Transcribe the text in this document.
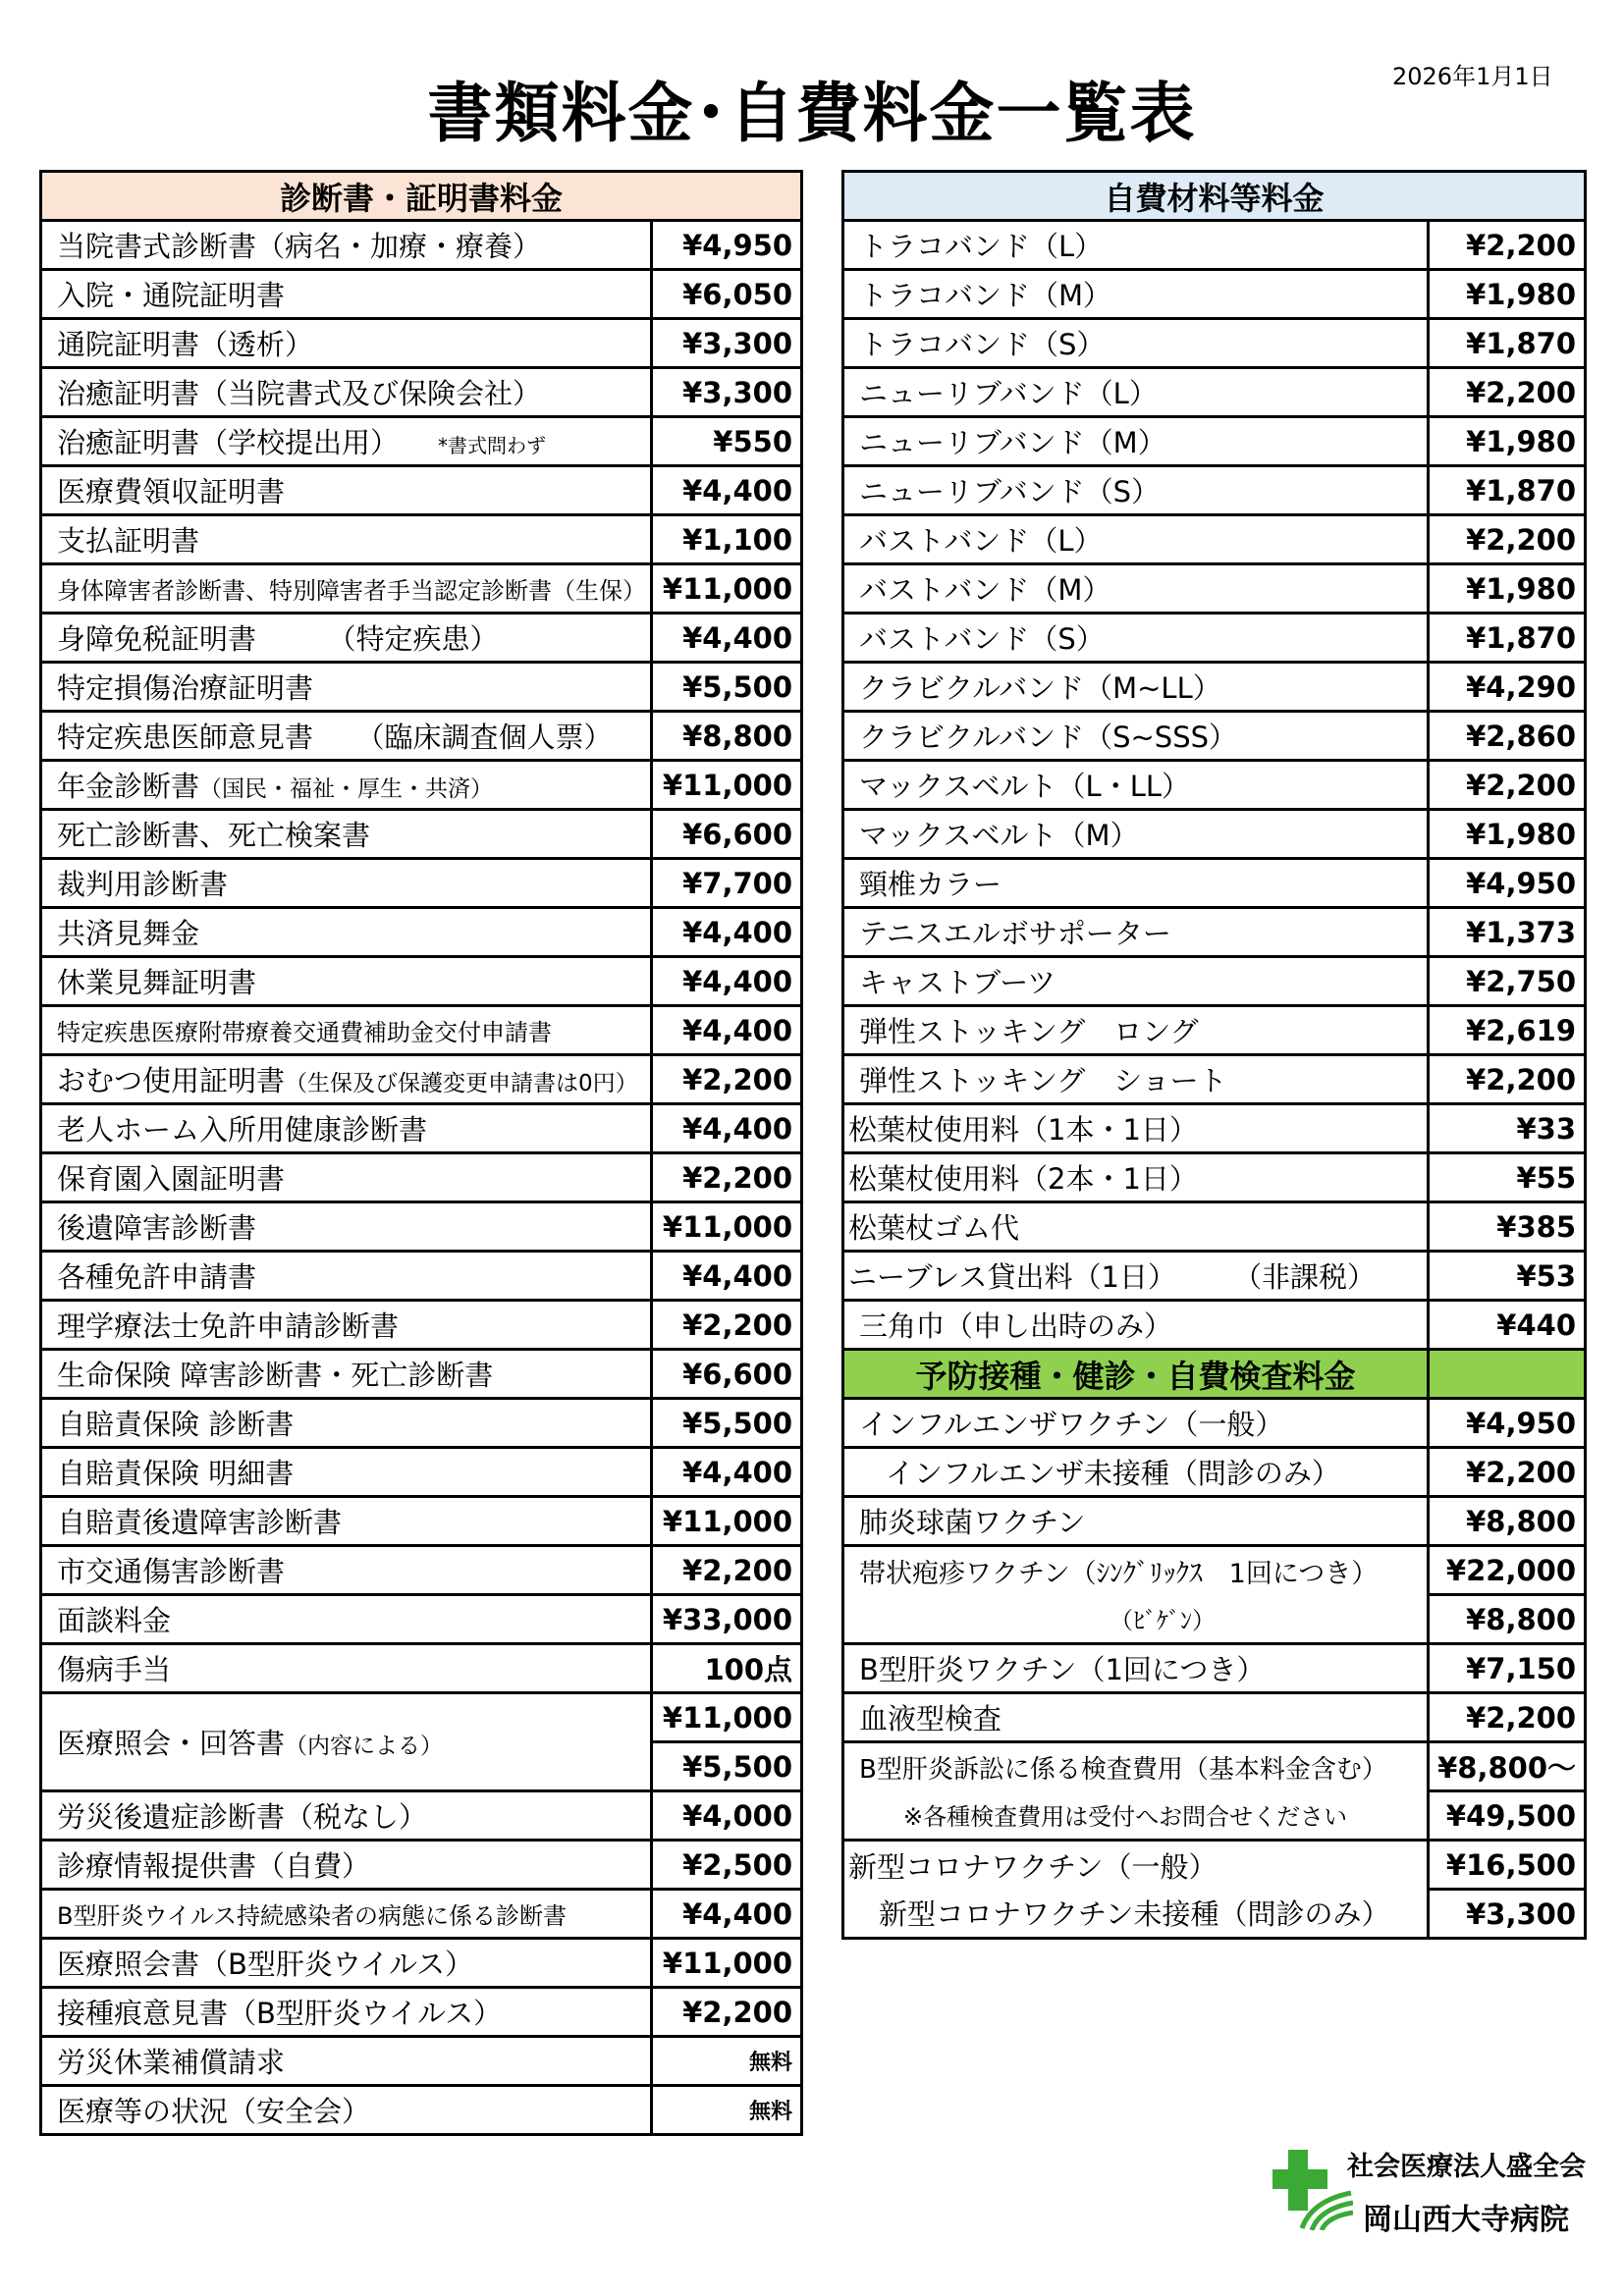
2026年1月1日
書類料金･自費料金一覧表
診断書・証明書料金	
当院書式診断書（病名・加療・療養）	¥4,950
入院・通院証明書	¥6,050
通院証明書（透析）	¥3,300
治癒証明書（当院書式及び保険会社）	¥3,300
治癒証明書（学校提出用） *書式問わず	¥550
医療費領収証明書	¥4,400
支払証明書	¥1,100
身体障害者診断書、特別障害者手当認定診断書（生保）	¥11,000
身障免税証明書　　　（特定疾患）	¥4,400
特定損傷治療証明書	¥5,500
特定疾患医師意見書　　（臨床調査個人票）	¥8,800
年金診断書（国民・福祉・厚生・共済）	¥11,000
死亡診断書、死亡検案書	¥6,600
裁判用診断書	¥7,700
共済見舞金	¥4,400
休業見舞証明書	¥4,400
特定疾患医療附帯療養交通費補助金交付申請書	¥4,400
おむつ使用証明書（生保及び保護変更申請書は0円）	¥2,200
老人ホーム入所用健康診断書	¥4,400
保育園入園証明書	¥2,200
後遺障害診断書	¥11,000
各種免許申請書	¥4,400
理学療法士免許申請診断書	¥2,200
生命保険 障害診断書・死亡診断書	¥6,600
自賠責保険 診断書	¥5,500
自賠責保険 明細書	¥4,400
自賠責後遺障害診断書	¥11,000
市交通傷害診断書	¥2,200
面談料金	¥33,000
傷病手当	100点
医療照会・回答書（内容による）	¥11,000
	¥5,500
労災後遺症診断書（税なし）	¥4,000
診療情報提供書（自費）	¥2,500
B型肝炎ウイルス持続感染者の病態に係る診断書	¥4,400
医療照会書（B型肝炎ウイルス）	¥11,000
接種痕意見書（B型肝炎ウイルス）	¥2,200
労災休業補償請求	無料
医療等の状況（安全会）	無料
自費材料等料金	
トラコバンド（L）	¥2,200
トラコバンド（M）	¥1,980
トラコバンド（S）	¥1,870
ニューリブバンド（L）	¥2,200
ニューリブバンド（M）	¥1,980
ニューリブバンド（S）	¥1,870
バストバンド（L）	¥2,200
バストバンド（M）	¥1,980
バストバンド（S）	¥1,870
クラビクルバンド（M~LL）	¥4,290
クラビクルバンド（S~SSS）	¥2,860
マックスベルト（L・LL）	¥2,200
マックスベルト（M）	¥1,980
頸椎カラー	¥4,950
テニスエルボサポーター	¥1,373
キャストブーツ	¥2,750
弾性ストッキング　ロング	¥2,619
弾性ストッキング　ショート	¥2,200
松葉杖使用料（1本・1日）	¥33
松葉杖使用料（2本・1日）	¥55
松葉杖ゴム代	¥385
ニーブレス貸出料（1日）　　　（非課税）	¥53
三角巾（申し出時のみ）	¥440
予防接種・健診・自費検査料金	
インフルエンザワクチン（一般）	¥4,950
インフルエンザ未接種（問診のみ）	¥2,200
肺炎球菌ワクチン	¥8,800
帯状疱疹ワクチン（ｼﾝｸﾞﾘｯｸｽ　1回につき）	¥22,000
（ﾋﾞｹﾞﾝ）	¥8,800
B型肝炎ワクチン（1回につき）	¥7,150
血液型検査	¥2,200
B型肝炎訴訟に係る検査費用（基本料金含む）	¥8,800～
※各種検査費用は受付へお問合せください	¥49,500
新型コロナワクチン（一般）	¥16,500
新型コロナワクチン未接種（問診のみ）	¥3,300
社会医療法人盛全会
岡山西大寺病院
